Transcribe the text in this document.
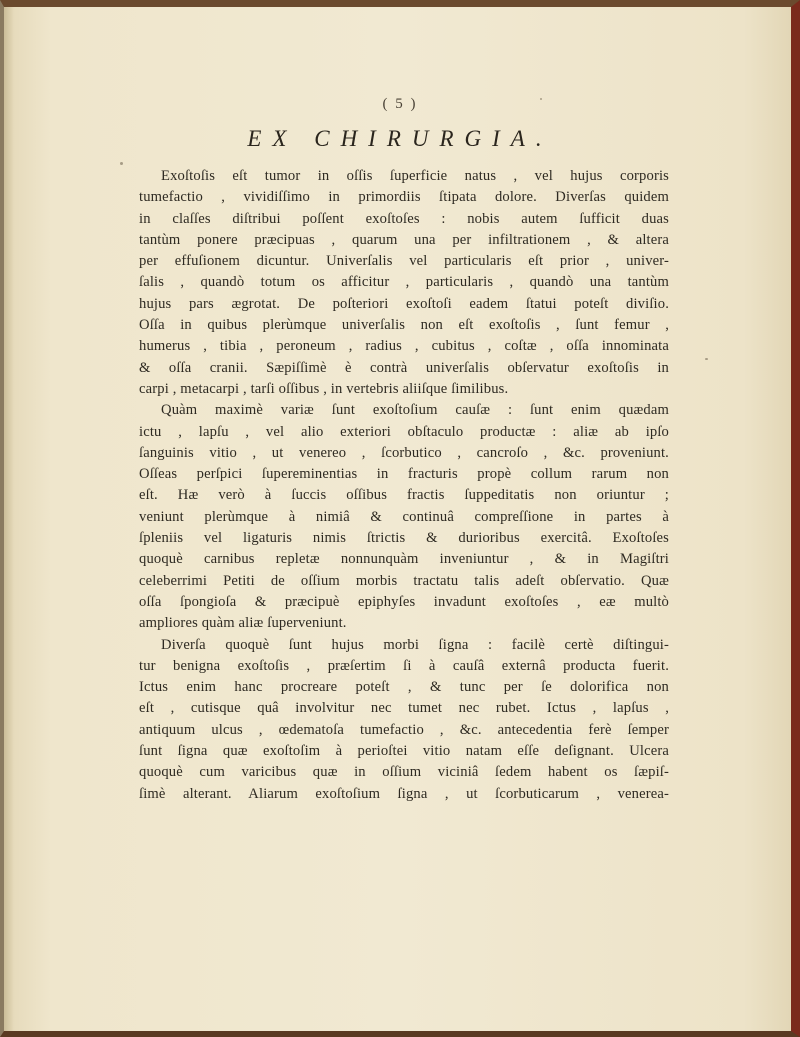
( 5 )
EX CHIRURGIA.
Exoſtoſis eſt tumor in oſſis ſuperficie natus , vel hujus corporis
tumefactio , vividiſſimo in primordiis ſtipata dolore. Diverſas quidem
in claſſes diſtribui poſſent exoſtoſes : nobis autem ſufficit duas
tantùm ponere præcipuas , quarum una per infiltrationem , & altera
per effuſionem dicuntur. Univerſalis vel particularis eſt prior , univer-
ſalis , quandò totum os afficitur , particularis , quandò una tantùm
hujus pars ægrotat. De poſteriori exoſtoſi eadem ſtatui poteſt diviſio.
Oſſa in quibus plerùmque univerſalis non eſt exoſtoſis , ſunt femur ,
humerus , tibia , peroneum , radius , cubitus , coſtæ , oſſa innominata
& oſſa cranii. Sæpiſſimè è contrà univerſalis obſervatur exoſtoſis in
carpi , metacarpi , tarſi oſſibus , in vertebris aliiſque ſimilibus.
Quàm maximè variæ ſunt exoſtoſium cauſæ : ſunt enim quædam
ictu , lapſu , vel alio exteriori obſtaculo productæ : aliæ ab ipſo
ſanguinis vitio , ut venereo , ſcorbutico , cancroſo , &c. proveniunt.
Oſſeas perſpici ſupereminentias in fracturis propè collum rarum non
eſt. Hæ verò à ſuccis oſſibus fractis ſuppeditatis non oriuntur ;
veniunt plerùmque à nimiâ & continuâ compreſſione in partes à
ſpleniis vel ligaturis nimis ſtrictis & durioribus exercitâ. Exoſtoſes
quoquè carnibus repletæ nonnunquàm inveniuntur , & in Magiſtri
celeberrimi Petiti de oſſium morbis tractatu talis adeſt obſervatio. Quæ
oſſa ſpongioſa & præcipuè epiphyſes invadunt exoſtoſes , eæ multò
ampliores quàm aliæ ſuperveniunt.
Diverſa quoquè ſunt hujus morbi ſigna : facilè certè diſtingui-
tur benigna exoſtoſis , præſertim ſi à cauſâ externâ producta fuerit.
Ictus enim hanc procreare poteſt , & tunc per ſe dolorifica non
eſt , cutisque quâ involvitur nec tumet nec rubet. Ictus , lapſus ,
antiquum ulcus , œdematoſa tumefactio , &c. antecedentia ferè ſemper
ſunt ſigna quæ exoſtoſim à perioſtei vitio natam eſſe deſignant. Ulcera
quoquè cum varicibus quæ in oſſium viciniâ ſedem habent os ſæpiſ-
ſimè alterant. Aliarum exoſtoſium ſigna , ut ſcorbuticarum , venerea-
